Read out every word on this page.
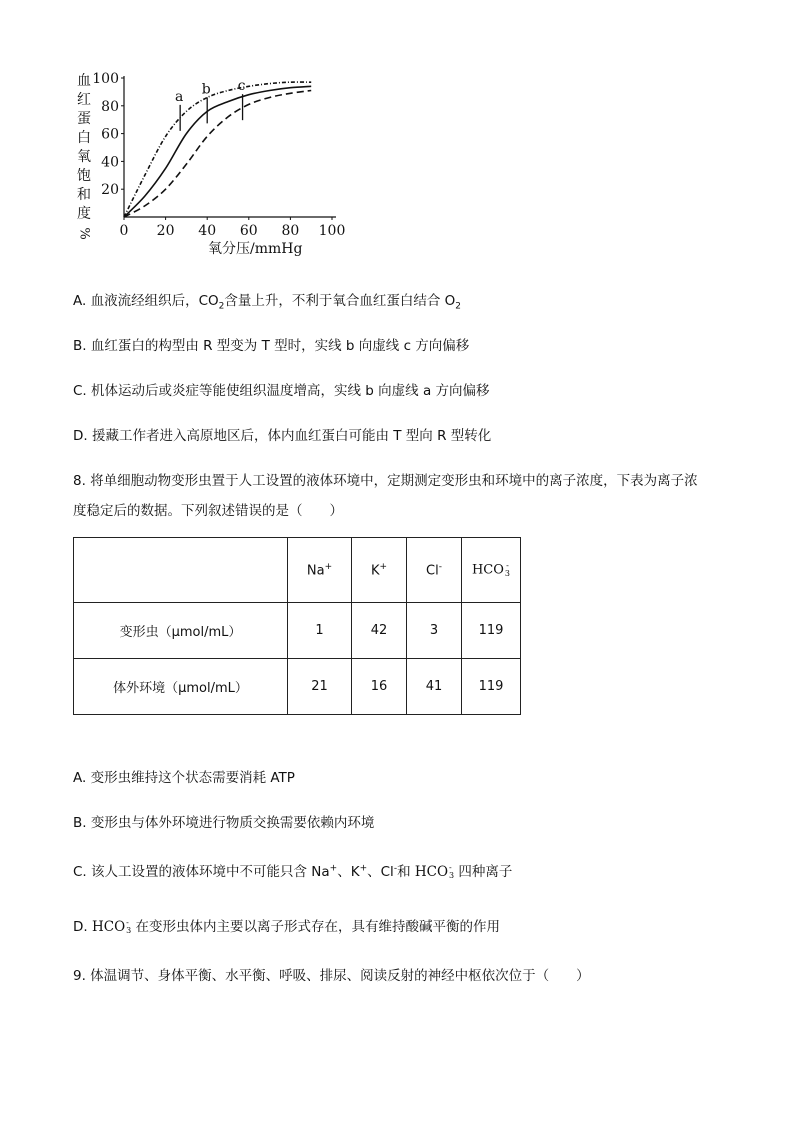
0 20 40 60 80 100
20
40
60
80
100
a b c
血
红
蛋
白
氧
饱
和
度
%
氧分压/mmHg
A. 血液流经组织后，$CO_2$含量上升，不利于氧合血红蛋白结合 $O_2$
B. 血红蛋白的构型由 R 型变为 T 型时，实线 b 向虚线 c 方向偏移
C. 机体运动后或炎症等能使组织温度增高，实线 b 向虚线 a 方向偏移
D. 援藏工作者进入高原地区后，体内血红蛋白可能由 T 型向 R 型转化
8. 将单细胞动物变形虫置于人工设置的液体环境中，定期测定变形虫和环境中的离子浓度，下表为离子浓
度稳定后的数据。下列叙述错误的是（　　）
	Na+	K+	Cl-	HCO -
3

变形虫（μmol/mL）	1	42	3	119
体外环境（μmol/mL）	21	16	41	119
A. 变形虫维持这个状态需要消耗 ATP
B. 变形虫与体外环境进行物质交换需要依赖内环境
C. 该人工设置的液体环境中不可能只含 Na+、K+、Cl-和 HCO -
3 四种离子
D. HCO -
3 在变形虫体内主要以离子形式存在，具有维持酸碱平衡的作用
9. 体温调节、身体平衡、水平衡、呼吸、排尿、阅读反射的神经中枢依次位于（　　）
